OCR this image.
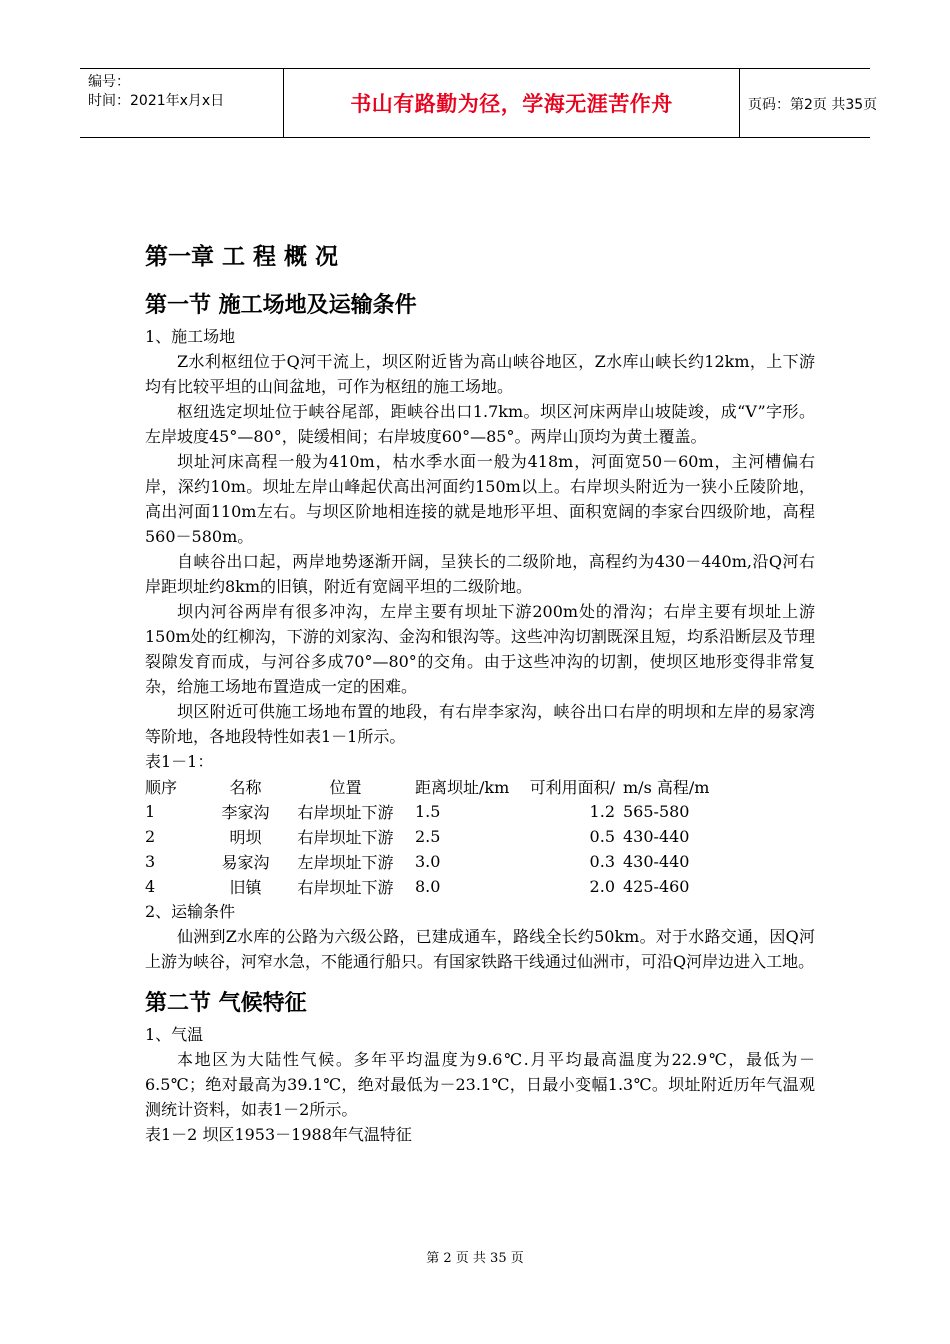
编号：
时间：2021年x月x日	书山有路勤为径，学海无涯苦作舟	页码：第2页 共35页
第一章 工 程 概 况
第一节 施工场地及运输条件

1、施工场地

Z水利枢纽位于Q河干流上，坝区附近皆为高山峡谷地区，Z水库山峡长约12km，上下游均有比较平坦的山间盆地，可作为枢纽的施工场地。

枢纽选定坝址位于峡谷尾部，距峡谷出口1.7km。坝区河床两岸山坡陡竣，成“V”字形。左岸坡度45°—80°，陡缓相间；右岸坡度60°—85°。两岸山顶均为黄土覆盖。

坝址河床高程一般为410m，枯水季水面一般为418m，河面宽50－60m，主河槽偏右岸，深约10m。坝址左岸山峰起伏高出河面约150m以上。右岸坝头附近为一狭小丘陵阶地，高出河面110m左右。与坝区阶地相连接的就是地形平坦、面积宽阔的李家台四级阶地，高程560－580m。

自峡谷出口起，两岸地势逐渐开阔，呈狭长的二级阶地，高程约为430－440m,沿Q河右岸距坝址约8km的旧镇，附近有宽阔平坦的二级阶地。

坝内河谷两岸有很多冲沟，左岸主要有坝址下游200m处的滑沟；右岸主要有坝址上游150m处的红柳沟，下游的刘家沟、金沟和银沟等。这些冲沟切割既深且短，均系沿断层及节理裂隙发育而成，与河谷多成70°—80°的交角。由于这些冲沟的切割，使坝区地形变得非常复杂，给施工场地布置造成一定的困难。

坝区附近可供施工场地布置的地段，有右岸李家沟，峡谷出口右岸的明坝和左岸的易家湾等阶地，各地段特性如表1－1所示。

表1－1：

顺序	名称	位置	距离坝址/km	可利用面积/	m/s 高程/m
1	李家沟	右岸坝址下游	1.5	1.2	565-580
2	明坝	右岸坝址下游	2.5	0.5	430-440
3	易家沟	左岸坝址下游	3.0	0.3	430-440
4	旧镇	右岸坝址下游	8.0	2.0	425-460

2、运输条件

仙洲到Z水库的公路为六级公路，已建成通车，路线全长约50km。对于水路交通，因Q河上游为峡谷，河窄水急，不能通行船只。有国家铁路干线通过仙洲市，可沿Q河岸边进入工地。

第二节 气候特征

1、气温

本地区为大陆性气候。多年平均温度为9.6℃.月平均最高温度为22.9℃，最低为－6.5℃；绝对最高为39.1℃，绝对最低为－23.1℃，日最小变幅1.3℃。坝址附近历年气温观测统计资料，如表1－2所示。

表1－2 坝区1953－1988年气温特征

第 2 页 共 35 页
